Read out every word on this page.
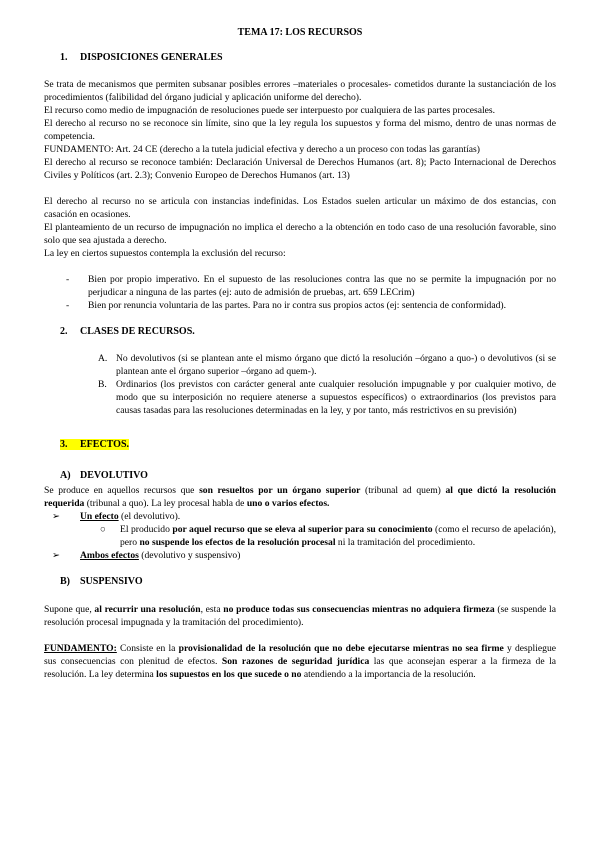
TEMA 17: LOS RECURSOS
1. DISPOSICIONES GENERALES

Se trata de mecanismos que permiten subsanar posibles errores –materiales o procesales- cometidos durante la sustanciación de los procedimientos (falibilidad del órgano judicial y aplicación uniforme del derecho).

El recurso como medio de impugnación de resoluciones puede ser interpuesto por cualquiera de las partes procesales.

El derecho al recurso no se reconoce sin límite, sino que la ley regula los supuestos y forma del mismo, dentro de unas normas de competencia.

FUNDAMENTO: Art. 24 CE (derecho a la tutela judicial efectiva y derecho a un proceso con todas las garantías)

El derecho al recurso se reconoce también: Declaración Universal de Derechos Humanos (art. 8); Pacto Internacional de Derechos Civiles y Políticos (art. 2.3); Convenio Europeo de Derechos Humanos (art. 13)

El derecho al recurso no se articula con instancias indefinidas. Los Estados suelen articular un máximo de dos estancias, con casación en ocasiones.

El planteamiento de un recurso de impugnación no implica el derecho a la obtención en todo caso de una resolución favorable, sino solo que sea ajustada a derecho.

La ley en ciertos supuestos contempla la exclusión del recurso:

- Bien por propio imperativo. En el supuesto de las resoluciones contra las que no se permite la impugnación por no perjudicar a ninguna de las partes (ej: auto de admisión de pruebas, art. 659 LECrim)
- Bien por renuncia voluntaria de las partes. Para no ir contra sus propios actos (ej: sentencia de conformidad).
2. CLASES DE RECURSOS.
A. No devolutivos (si se plantean ante el mismo órgano que dictó la resolución –órgano a quo-) o devolutivos (si se plantean ante el órgano superior –órgano ad quem-).
B. Ordinarios (los previstos con carácter general ante cualquier resolución impugnable y por cualquier motivo, de modo que su interposición no requiere atenerse a supuestos específicos) o extraordinarios (los previstos para causas tasadas para las resoluciones determinadas en la ley, y por tanto, más restrictivos en su previsión)
3. EFECTOS.
A) DEVOLUTIVO

Se produce en aquellos recursos que son resueltos por un órgano superior (tribunal ad quem) al que dictó la resolución requerida (tribunal a quo). La ley procesal habla de uno o varios efectos.

➢ Un efecto (el devolutivo).
○ El producido por aquel recurso que se eleva al superior para su conocimiento (como el recurso de apelación), pero no suspende los efectos de la resolución procesal ni la tramitación del procedimiento.
➢ Ambos efectos (devolutivo y suspensivo)
B) SUSPENSIVO

Supone que, al recurrir una resolución, esta no produce todas sus consecuencias mientras no adquiera firmeza (se suspende la resolución procesal impugnada y la tramitación del procedimiento).

FUNDAMENTO: Consiste en la provisionalidad de la resolución que no debe ejecutarse mientras no sea firme y despliegue sus consecuencias con plenitud de efectos. Son razones de seguridad jurídica las que aconsejan esperar a la firmeza de la resolución. La ley determina los supuestos en los que sucede o no atendiendo a la importancia de la resolución.
